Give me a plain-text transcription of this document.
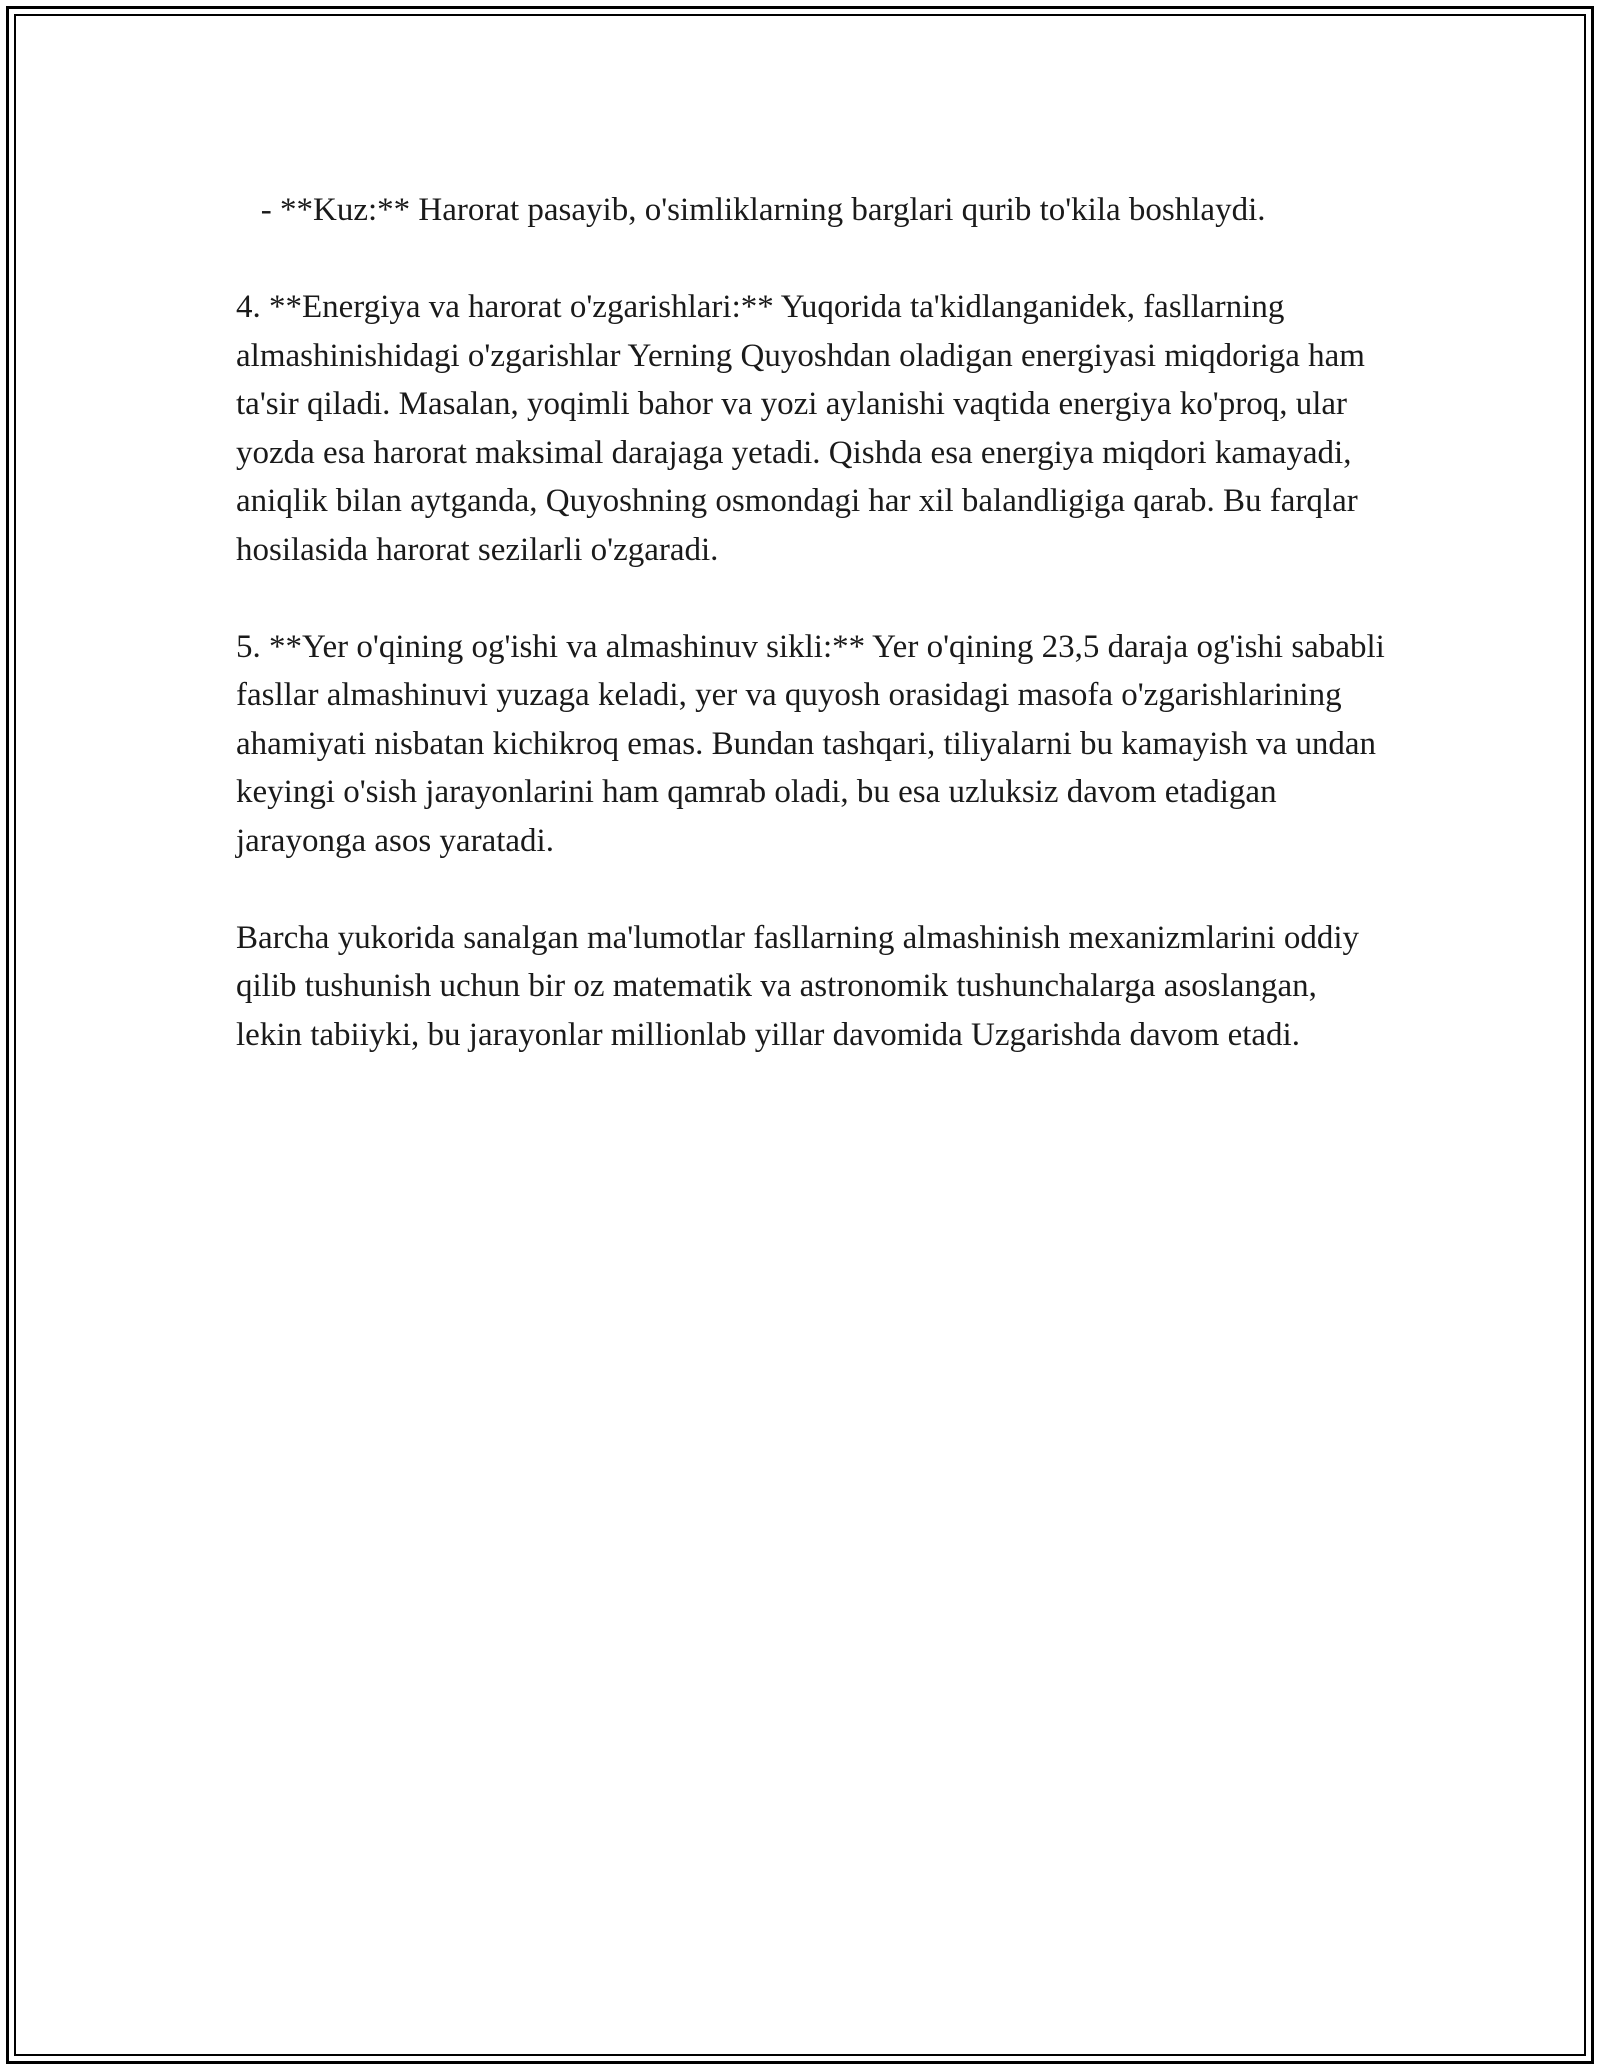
- **Kuz:** Harorat pasayib, o'simliklarning barglari qurib to'kila boshlaydi.

4. **Energiya va harorat o'zgarishlari:** Yuqorida ta'kidlanganidek, fasllarning almashinishidagi o'zgarishlar Yerning Quyoshdan oladigan energiyasi miqdoriga ham ta'sir qiladi. Masalan, yoqimli bahor va yozi aylanishi vaqtida energiya ko'proq, ular yozda esa harorat maksimal darajaga yetadi. Qishda esa energiya miqdori kamayadi, aniqlik bilan aytganda, Quyoshning osmondagi har xil balandligiga qarab. Bu farqlar hosilasida harorat sezilarli o'zgaradi.

5. **Yer o'qining og'ishi va almashinuv sikli:** Yer o'qining 23,5 daraja og'ishi sababli fasllar almashinuvi yuzaga keladi, yer va quyosh orasidagi masofa o'zgarishlarining ahamiyati nisbatan kichikroq emas. Bundan tashqari, tiliyalarni bu kamayish va undan keyingi o'sish jarayonlarini ham qamrab oladi, bu esa uzluksiz davom etadigan jarayonga asos yaratadi.

Barcha yukorida sanalgan ma'lumotlar fasllarning almashinish mexanizmlarini oddiy qilib tushunish uchun bir oz matematik va astronomik tushunchalarga asoslangan, lekin tabiiyki, bu jarayonlar millionlab yillar davomida Uzgarishda davom etadi.
